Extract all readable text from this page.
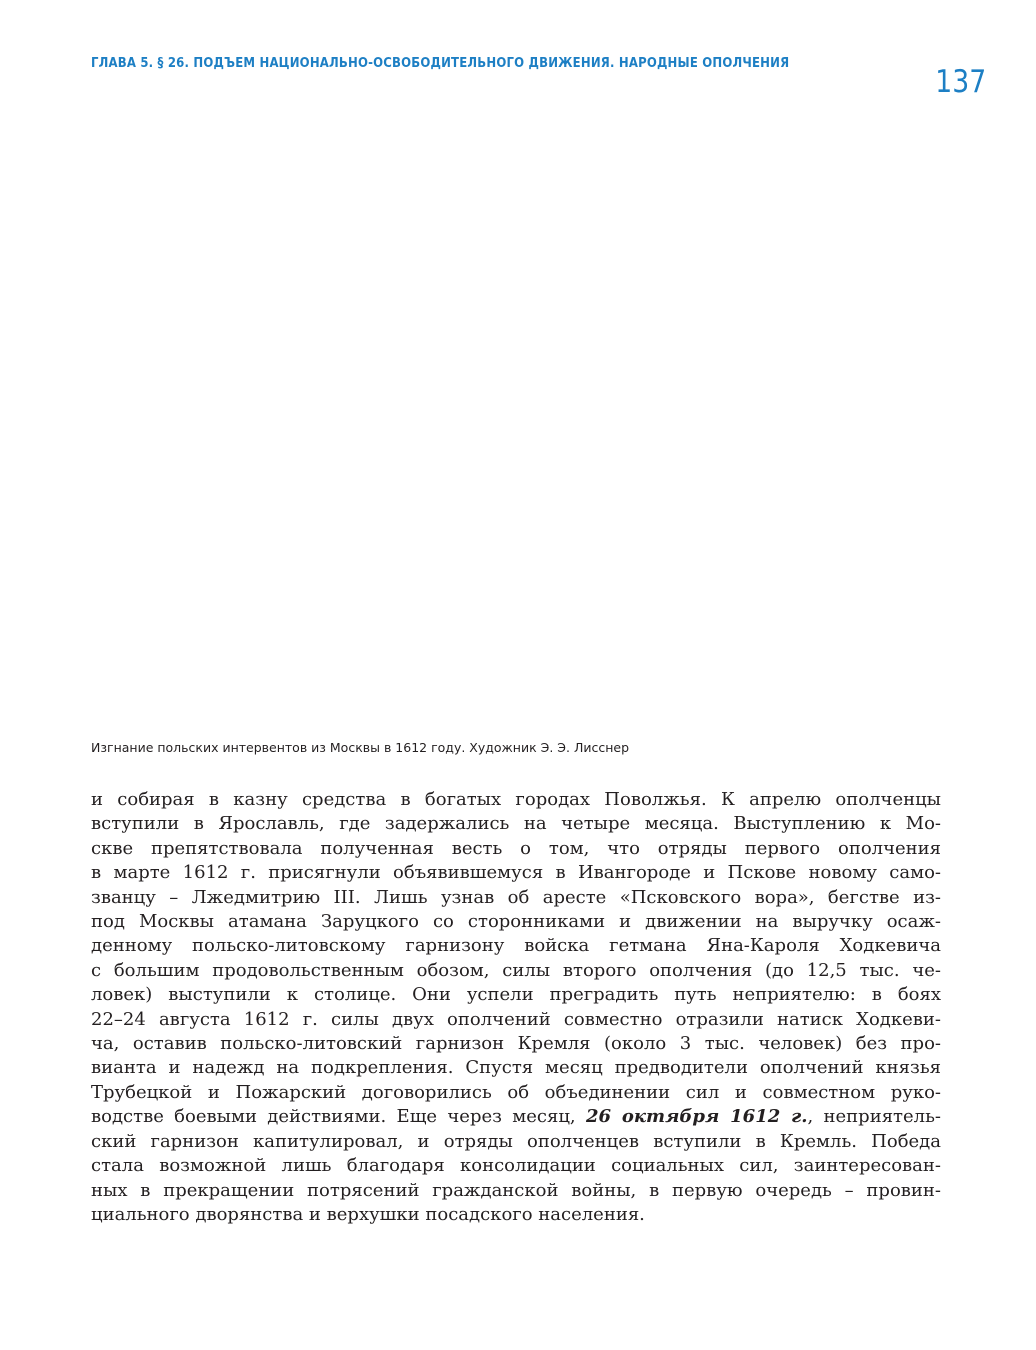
ГЛАВА 5. § 26. ПОДЪЕМ НАЦИОНАЛЬНО-ОСВОБОДИТЕЛЬНОГО ДВИЖЕНИЯ. НАРОДНЫЕ ОПОЛЧЕНИЯ
137
Изгнание польских интервентов из Москвы в 1612 году. Художник Э. Э. Лисснер
и собирая в казну средства в богатых городах Поволжья. К апрелю ополченцы
вступили в Ярославль, где задержались на четыре месяца. Выступлению к Мо-
скве препятствовала полученная весть о том, что отряды первого ополчения
в марте 1612 г. присягнули объявившемуся в Ивангороде и Пскове новому само-
званцу – Лжедмитрию III. Лишь узнав об аресте «Псковского вора», бегстве из-
под Москвы атамана Заруцкого со сторонниками и движении на выручку осаж-
денному польско-литовскому гарнизону войска гетмана Яна-Кароля Ходкевича
с большим продовольственным обозом, силы второго ополчения (до 12,5 тыс. че-
ловек) выступили к столице. Они успели преградить путь неприятелю: в боях
22–24 августа 1612 г. силы двух ополчений совместно отразили натиск Ходкеви-
ча, оставив польско-литовский гарнизон Кремля (около 3 тыс. человек) без про-
вианта и надежд на подкрепления. Спустя месяц предводители ополчений князья
Трубецкой и Пожарский договорились об объединении сил и совместном руко-
водстве боевыми действиями. Еще через месяц, 26 октября 1612 г., неприятель-
ский гарнизон капитулировал, и отряды ополченцев вступили в Кремль. Победа
стала возможной лишь благодаря консолидации социальных сил, заинтересован-
ных в прекращении потрясений гражданской войны, в первую очередь – провин-
циального дворянства и верхушки посадского населения.
